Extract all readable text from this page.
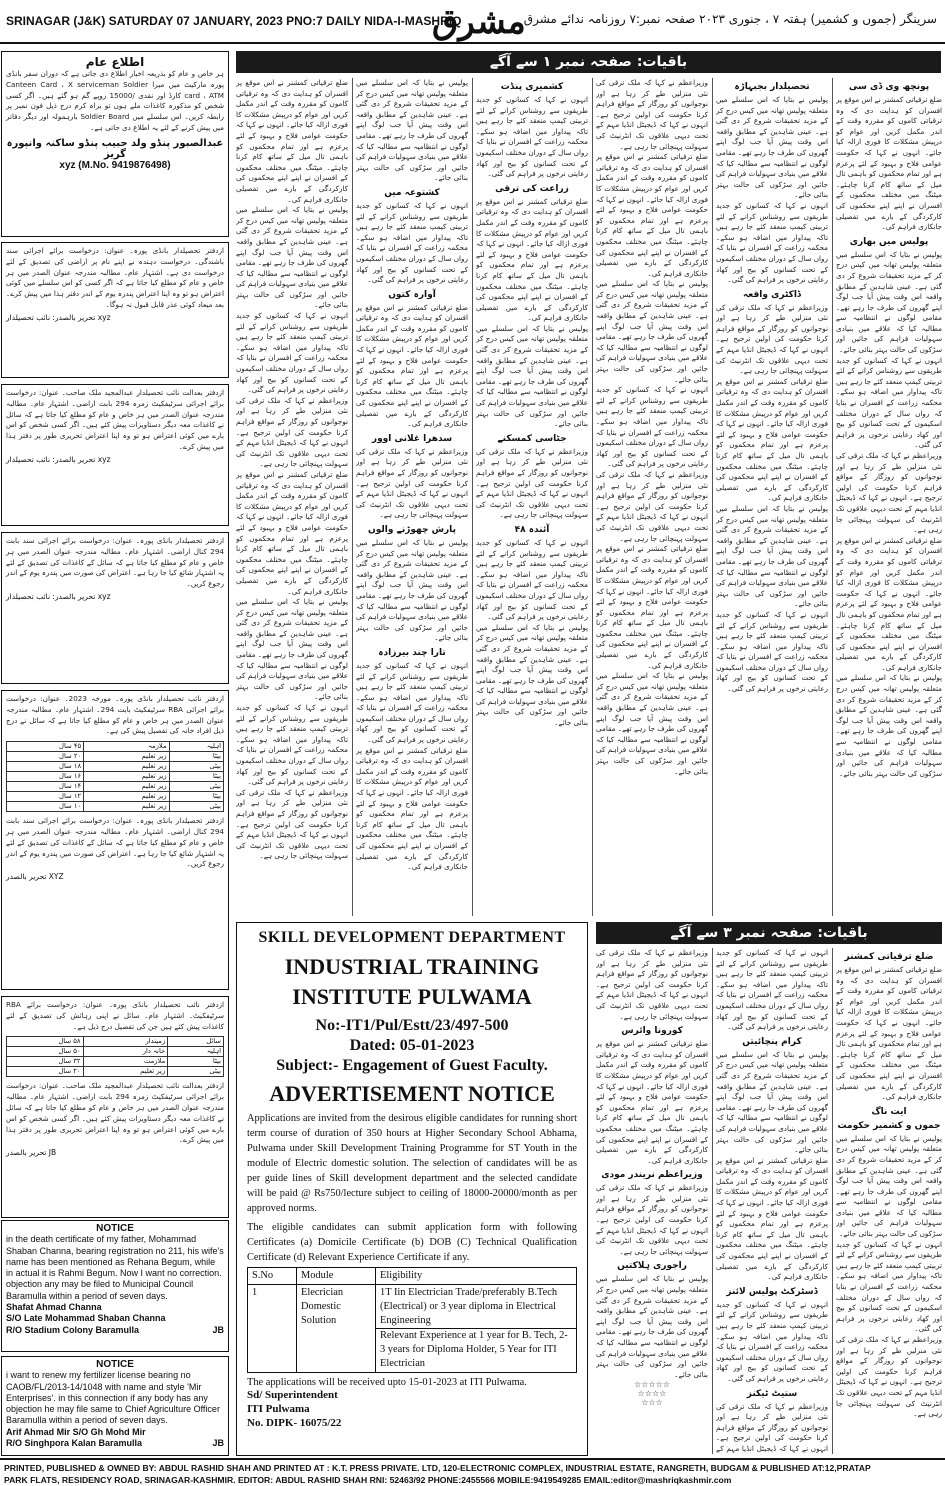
SRINAGAR (J&K) SATURDAY 07 JANUARY, 2023 PNO:7 DAILY NIDA-I-MASHRIQ
مشرق
سرینگر (جموں و کشمیر) ہفتہ ۷ ، جنوری ۲۰۲۳ صفحہ نمبر:۷ روزنامہ ندائے مشرق
باقیات: صفحہ نمبر ۱ سے آگے
اطلاع عام
ہر خاص و عام کو بذریعہ اخبار اطلاع دی جاتی ہے کہ دوران سفر بانڈی پورہ مارکیٹ میں میرا Canteen Card ، X serviceman Soldier card ، ATM کارڈ اور نقدی /15000 روپے گم ہو گئے ہیں۔ اگر کسی شخص کو مذکورہ کاغذات ملے ہوں تو براہ کرم درج ذیل فون نمبر پر رابطہ کریں۔ اس سلسلے میں Soldier Board بارہمولہ اور دیگر دفاتر میں پیش کرنے کے لئے یہ اطلاع دی جاتی ہے۔
عبدالصبور پنڈو ولد حبیب پنڈو ساکنہ وانپورہ گریز
xyz (M.No. 9419876498)
ازدفتر تحصیلدار بانڈی پورہ۔ عنوان: درخواست برائے اجرائی سند باشندگی۔ درخواست دہندہ نے اپنے نام پر اراضی کی تصدیق کے لئے درخواست دی ہے۔ اشتہار عام۔ مطالبہ مندرجہ عنوان الصدر میں ہر خاص و عام کو مطلع کیا جاتا ہے کہ اگر کسی کو اس سلسلے میں کوئی اعتراض ہو تو وہ اپنا اعتراض پندرہ یوم کے اندر دفتر ہذا میں پیش کرے۔ بعد میعاد کوئی عذر قابل قبول نہ ہوگا۔
xyz تحریر بالصدر: نائب تحصیلدار
ازدفتر بعدالت نائب تحصیلدار عبدالمجید ملک صاحب۔ عنوان: درخواست برائے اجرائی سرٹیفکیٹ زمرہ 294 بابت اراضی۔ اشتہار عام۔ مطالبہ مندرجہ عنوان الصدر میں ہر خاص و عام کو مطلع کیا جاتا ہے کہ سائل نے کاغذات معہ دیگر دستاویزات پیش کئے ہیں۔ اگر کسی شخص کو اس بارے میں کوئی اعتراض ہو تو وہ اپنا اعتراض تحریری طور پر دفتر ہذا میں پیش کرے۔
xyz تحریر بالصدر: نائب تحصیلدار
ازدفتر تحصیلدار بانڈی پورہ۔ عنوان: درخواست برائے اجرائی سند بابت 294 کنال اراضی۔ اشتہار عام۔ مطالبہ مندرجہ عنوان الصدر میں ہر خاص و عام کو مطلع کیا جاتا ہے کہ سائل کے کاغذات کی تصدیق کے لئے یہ اشتہار شائع کیا جا رہا ہے۔ اعتراض کی صورت میں پندرہ یوم کے اندر رجوع کریں۔
xyz تحریر بالصدر: نائب تحصیلدار
ازدفتر نائب تحصیلدار بانڈی پورہ۔ مورخہ 2023۔ عنوان: درخواست برائے اجرائی RBA سرٹیفکیٹ بابت 294۔ اشتہار عام۔ مطالبہ مندرجہ عنوان الصدر میں ہر خاص و عام کو مطلع کیا جاتا ہے کہ سائل نے درج ذیل افراد خانہ کی تفصیل پیش کی ہے۔
اہلیہ	ملازمہ	۴۵ سال
بیٹا	زیر تعلیم	۲۰ سال
بیٹی	زیر تعلیم	۱۸ سال
بیٹا	زیر تعلیم	۱۶ سال
بیٹی	زیر تعلیم	۱۴ سال
بیٹا	زیر تعلیم	۱۲ سال
بیٹی	زیر تعلیم	۱۰ سال
ازدفتر تحصیلدار بانڈی پورہ۔ عنوان: درخواست برائے اجرائی سند بابت 294 کنال اراضی۔ اشتہار عام۔ مطالبہ مندرجہ عنوان الصدر میں ہر خاص و عام کو مطلع کیا جاتا ہے کہ سائل کے کاغذات کی تصدیق کے لئے یہ اشتہار شائع کیا جا رہا ہے۔ اعتراض کی صورت میں پندرہ یوم کے اندر رجوع کریں۔
XYZ تحریر بالصدر
ازدفتر نائب تحصیلدار بانڈی پورہ۔ عنوان: درخواست برائے RBA سرٹیفکیٹ۔ اشتہار عام۔ سائل نے اپنی رہائش کی تصدیق کے لئے کاغذات پیش کئے ہیں جن کی تفصیل درج ذیل ہے۔
سائل	زمیندار	۵۸ سال
اہلیہ	خانہ دار	۵۰ سال
بیٹا	ملازمت	۳۲ سال
بیٹی	زیر تعلیم	۲۰ سال
ازدفتر بعدالت نائب تحصیلدار عبدالمجید ملک صاحب۔ عنوان: درخواست برائے اجرائی سرٹیفکیٹ زمرہ 294 بابت اراضی۔ اشتہار عام۔ مطالبہ مندرجہ عنوان الصدر میں ہر خاص و عام کو مطلع کیا جاتا ہے کہ سائل نے کاغذات معہ دیگر دستاویزات پیش کئے ہیں۔ اگر کسی شخص کو اس بارے میں کوئی اعتراض ہو تو وہ اپنا اعتراض تحریری طور پر دفتر ہذا میں پیش کرے۔
JB تحریر بالصدر
NOTICE
in the death certificate of my father, Mohammad Shaban Channa, bearing registration no 211, his wife's name has been mentioned as Rehana Begum, while in actual it is Rahmi Begum. Now I want no correction. objection any may be filed to Municipal Council Baramulla within a period of seven days.
Shafat Ahmad Channa
S/O Late Mohammad Shaban Channa
R/O Stadium Colony Baramulla	JB
NOTICE
i want to renew my fertilizer license bearing no CAOB/FL/2013-14/1048 with name and style 'Mir Enterprises'. in this connection if any body has any objection he may file same to Chief Agriculture Officer Baramulla within a period of seven days.
Arif Ahmad Mir S/O Gh Mohd Mir
R/O Singhpora Kalan Baramulla	JB
ضلع ترقیاتی کمشنر نے اس موقع پر افسران کو ہدایت دی کہ وہ ترقیاتی کاموں کو مقررہ وقت کے اندر مکمل کریں اور عوام کو درپیش مشکلات کا فوری ازالہ کیا جائے۔ انہوں نے کہا کہ حکومت عوامی فلاح و بہبود کے لئے پرعزم ہے اور تمام محکموں کو باہمی تال میل کے ساتھ کام کرنا چاہئے۔ میٹنگ میں مختلف محکموں کے افسران نے اپنے اپنے محکموں کی کارکردگی کے بارے میں تفصیلی جانکاری فراہم کی۔
پولیس نے بتایا کہ اس سلسلے میں متعلقہ پولیس تھانہ میں کیس درج کر کے مزید تحقیقات شروع کر دی گئی ہے۔ عینی شاہدین کے مطابق واقعہ اس وقت پیش آیا جب لوگ اپنے گھروں کی طرف جا رہے تھے۔ مقامی لوگوں نے انتظامیہ سے مطالبہ کیا کہ علاقے میں بنیادی سہولیات فراہم کی جائیں اور سڑکوں کی حالت بہتر بنائی جائے۔
انہوں نے کہا کہ کسانوں کو جدید طریقوں سے روشناس کرانے کے لئے تربیتی کیمپ منعقد کئے جا رہے ہیں تاکہ پیداوار میں اضافہ ہو سکے۔ محکمہ زراعت کے افسران نے بتایا کہ رواں سال کے دوران مختلف اسکیموں کے تحت کسانوں کو بیج اور کھاد رعایتی نرخوں پر فراہم کی گئی۔
وزیراعظم نے کہا کہ ملک ترقی کی نئی منزلیں طے کر رہا ہے اور نوجوانوں کو روزگار کے مواقع فراہم کرنا حکومت کی اولین ترجیح ہے۔ انہوں نے کہا کہ ڈیجیٹل انڈیا مہم کے تحت دیہی علاقوں تک انٹرنیٹ کی سہولت پہنچائی جا رہی ہے۔
ضلع ترقیاتی کمشنر نے اس موقع پر افسران کو ہدایت دی کہ وہ ترقیاتی کاموں کو مقررہ وقت کے اندر مکمل کریں اور عوام کو درپیش مشکلات کا فوری ازالہ کیا جائے۔ انہوں نے کہا کہ حکومت عوامی فلاح و بہبود کے لئے پرعزم ہے اور تمام محکموں کو باہمی تال میل کے ساتھ کام کرنا چاہئے۔ میٹنگ میں مختلف محکموں کے افسران نے اپنے اپنے محکموں کی کارکردگی کے بارے میں تفصیلی جانکاری فراہم کی۔
پولیس نے بتایا کہ اس سلسلے میں متعلقہ پولیس تھانہ میں کیس درج کر کے مزید تحقیقات شروع کر دی گئی ہے۔ عینی شاہدین کے مطابق واقعہ اس وقت پیش آیا جب لوگ اپنے گھروں کی طرف جا رہے تھے۔ مقامی لوگوں نے انتظامیہ سے مطالبہ کیا کہ علاقے میں بنیادی سہولیات فراہم کی جائیں اور سڑکوں کی حالت بہتر بنائی جائے۔
انہوں نے کہا کہ کسانوں کو جدید طریقوں سے روشناس کرانے کے لئے تربیتی کیمپ منعقد کئے جا رہے ہیں تاکہ پیداوار میں اضافہ ہو سکے۔ محکمہ زراعت کے افسران نے بتایا کہ رواں سال کے دوران مختلف اسکیموں کے تحت کسانوں کو بیج اور کھاد رعایتی نرخوں پر فراہم کی گئی۔
وزیراعظم نے کہا کہ ملک ترقی کی نئی منزلیں طے کر رہا ہے اور نوجوانوں کو روزگار کے مواقع فراہم کرنا حکومت کی اولین ترجیح ہے۔ انہوں نے کہا کہ ڈیجیٹل انڈیا مہم کے تحت دیہی علاقوں تک انٹرنیٹ کی سہولت پہنچائی جا رہی ہے۔
پولیس نے بتایا کہ اس سلسلے میں متعلقہ پولیس تھانہ میں کیس درج کر کے مزید تحقیقات شروع کر دی گئی ہے۔ عینی شاہدین کے مطابق واقعہ اس وقت پیش آیا جب لوگ اپنے گھروں کی طرف جا رہے تھے۔ مقامی لوگوں نے انتظامیہ سے مطالبہ کیا کہ علاقے میں بنیادی سہولیات فراہم کی جائیں اور سڑکوں کی حالت بہتر بنائی جائے۔
کشتوعہ میں
انہوں نے کہا کہ کسانوں کو جدید طریقوں سے روشناس کرانے کے لئے تربیتی کیمپ منعقد کئے جا رہے ہیں تاکہ پیداوار میں اضافہ ہو سکے۔ محکمہ زراعت کے افسران نے بتایا کہ رواں سال کے دوران مختلف اسکیموں کے تحت کسانوں کو بیج اور کھاد رعایتی نرخوں پر فراہم کی گئی۔
آوارہ کتوں
ضلع ترقیاتی کمشنر نے اس موقع پر افسران کو ہدایت دی کہ وہ ترقیاتی کاموں کو مقررہ وقت کے اندر مکمل کریں اور عوام کو درپیش مشکلات کا فوری ازالہ کیا جائے۔ انہوں نے کہا کہ حکومت عوامی فلاح و بہبود کے لئے پرعزم ہے اور تمام محکموں کو باہمی تال میل کے ساتھ کام کرنا چاہئے۔ میٹنگ میں مختلف محکموں کے افسران نے اپنے اپنے محکموں کی کارکردگی کے بارے میں تفصیلی جانکاری فراہم کی۔
سدھرا غلانی اوور
وزیراعظم نے کہا کہ ملک ترقی کی نئی منزلیں طے کر رہا ہے اور نوجوانوں کو روزگار کے مواقع فراہم کرنا حکومت کی اولین ترجیح ہے۔ انہوں نے کہا کہ ڈیجیٹل انڈیا مہم کے تحت دیہی علاقوں تک انٹرنیٹ کی سہولت پہنچائی جا رہی ہے۔
پارش چھوڑنے والوں
پولیس نے بتایا کہ اس سلسلے میں متعلقہ پولیس تھانہ میں کیس درج کر کے مزید تحقیقات شروع کر دی گئی ہے۔ عینی شاہدین کے مطابق واقعہ اس وقت پیش آیا جب لوگ اپنے گھروں کی طرف جا رہے تھے۔ مقامی لوگوں نے انتظامیہ سے مطالبہ کیا کہ علاقے میں بنیادی سہولیات فراہم کی جائیں اور سڑکوں کی حالت بہتر بنائی جائے۔
تارا چند بیرزادہ
انہوں نے کہا کہ کسانوں کو جدید طریقوں سے روشناس کرانے کے لئے تربیتی کیمپ منعقد کئے جا رہے ہیں تاکہ پیداوار میں اضافہ ہو سکے۔ محکمہ زراعت کے افسران نے بتایا کہ رواں سال کے دوران مختلف اسکیموں کے تحت کسانوں کو بیج اور کھاد رعایتی نرخوں پر فراہم کی گئی۔
ضلع ترقیاتی کمشنر نے اس موقع پر افسران کو ہدایت دی کہ وہ ترقیاتی کاموں کو مقررہ وقت کے اندر مکمل کریں اور عوام کو درپیش مشکلات کا فوری ازالہ کیا جائے۔ انہوں نے کہا کہ حکومت عوامی فلاح و بہبود کے لئے پرعزم ہے اور تمام محکموں کو باہمی تال میل کے ساتھ کام کرنا چاہئے۔ میٹنگ میں مختلف محکموں کے افسران نے اپنے اپنے محکموں کی کارکردگی کے بارے میں تفصیلی جانکاری فراہم کی۔
کشمیری پنڈت
انہوں نے کہا کہ کسانوں کو جدید طریقوں سے روشناس کرانے کے لئے تربیتی کیمپ منعقد کئے جا رہے ہیں تاکہ پیداوار میں اضافہ ہو سکے۔ محکمہ زراعت کے افسران نے بتایا کہ رواں سال کے دوران مختلف اسکیموں کے تحت کسانوں کو بیج اور کھاد رعایتی نرخوں پر فراہم کی گئی۔
زراعت کی ترقی
ضلع ترقیاتی کمشنر نے اس موقع پر افسران کو ہدایت دی کہ وہ ترقیاتی کاموں کو مقررہ وقت کے اندر مکمل کریں اور عوام کو درپیش مشکلات کا فوری ازالہ کیا جائے۔ انہوں نے کہا کہ حکومت عوامی فلاح و بہبود کے لئے پرعزم ہے اور تمام محکموں کو باہمی تال میل کے ساتھ کام کرنا چاہئے۔ میٹنگ میں مختلف محکموں کے افسران نے اپنے اپنے محکموں کی کارکردگی کے بارے میں تفصیلی جانکاری فراہم کی۔
پولیس نے بتایا کہ اس سلسلے میں متعلقہ پولیس تھانہ میں کیس درج کر کے مزید تحقیقات شروع کر دی گئی ہے۔ عینی شاہدین کے مطابق واقعہ اس وقت پیش آیا جب لوگ اپنے گھروں کی طرف جا رہے تھے۔ مقامی لوگوں نے انتظامیہ سے مطالبہ کیا کہ علاقے میں بنیادی سہولیات فراہم کی جائیں اور سڑکوں کی حالت بہتر بنائی جائے۔
جٹاسی کمسکنے
وزیراعظم نے کہا کہ ملک ترقی کی نئی منزلیں طے کر رہا ہے اور نوجوانوں کو روزگار کے مواقع فراہم کرنا حکومت کی اولین ترجیح ہے۔ انہوں نے کہا کہ ڈیجیٹل انڈیا مہم کے تحت دیہی علاقوں تک انٹرنیٹ کی سہولت پہنچائی جا رہی ہے۔
آئندہ ۴۸
انہوں نے کہا کہ کسانوں کو جدید طریقوں سے روشناس کرانے کے لئے تربیتی کیمپ منعقد کئے جا رہے ہیں تاکہ پیداوار میں اضافہ ہو سکے۔ محکمہ زراعت کے افسران نے بتایا کہ رواں سال کے دوران مختلف اسکیموں کے تحت کسانوں کو بیج اور کھاد رعایتی نرخوں پر فراہم کی گئی۔
پولیس نے بتایا کہ اس سلسلے میں متعلقہ پولیس تھانہ میں کیس درج کر کے مزید تحقیقات شروع کر دی گئی ہے۔ عینی شاہدین کے مطابق واقعہ اس وقت پیش آیا جب لوگ اپنے گھروں کی طرف جا رہے تھے۔ مقامی لوگوں نے انتظامیہ سے مطالبہ کیا کہ علاقے میں بنیادی سہولیات فراہم کی جائیں اور سڑکوں کی حالت بہتر بنائی جائے۔
وزیراعظم نے کہا کہ ملک ترقی کی نئی منزلیں طے کر رہا ہے اور نوجوانوں کو روزگار کے مواقع فراہم کرنا حکومت کی اولین ترجیح ہے۔ انہوں نے کہا کہ ڈیجیٹل انڈیا مہم کے تحت دیہی علاقوں تک انٹرنیٹ کی سہولت پہنچائی جا رہی ہے۔
ضلع ترقیاتی کمشنر نے اس موقع پر افسران کو ہدایت دی کہ وہ ترقیاتی کاموں کو مقررہ وقت کے اندر مکمل کریں اور عوام کو درپیش مشکلات کا فوری ازالہ کیا جائے۔ انہوں نے کہا کہ حکومت عوامی فلاح و بہبود کے لئے پرعزم ہے اور تمام محکموں کو باہمی تال میل کے ساتھ کام کرنا چاہئے۔ میٹنگ میں مختلف محکموں کے افسران نے اپنے اپنے محکموں کی کارکردگی کے بارے میں تفصیلی جانکاری فراہم کی۔
پولیس نے بتایا کہ اس سلسلے میں متعلقہ پولیس تھانہ میں کیس درج کر کے مزید تحقیقات شروع کر دی گئی ہے۔ عینی شاہدین کے مطابق واقعہ اس وقت پیش آیا جب لوگ اپنے گھروں کی طرف جا رہے تھے۔ مقامی لوگوں نے انتظامیہ سے مطالبہ کیا کہ علاقے میں بنیادی سہولیات فراہم کی جائیں اور سڑکوں کی حالت بہتر بنائی جائے۔
انہوں نے کہا کہ کسانوں کو جدید طریقوں سے روشناس کرانے کے لئے تربیتی کیمپ منعقد کئے جا رہے ہیں تاکہ پیداوار میں اضافہ ہو سکے۔ محکمہ زراعت کے افسران نے بتایا کہ رواں سال کے دوران مختلف اسکیموں کے تحت کسانوں کو بیج اور کھاد رعایتی نرخوں پر فراہم کی گئی۔
وزیراعظم نے کہا کہ ملک ترقی کی نئی منزلیں طے کر رہا ہے اور نوجوانوں کو روزگار کے مواقع فراہم کرنا حکومت کی اولین ترجیح ہے۔ انہوں نے کہا کہ ڈیجیٹل انڈیا مہم کے تحت دیہی علاقوں تک انٹرنیٹ کی سہولت پہنچائی جا رہی ہے۔
ضلع ترقیاتی کمشنر نے اس موقع پر افسران کو ہدایت دی کہ وہ ترقیاتی کاموں کو مقررہ وقت کے اندر مکمل کریں اور عوام کو درپیش مشکلات کا فوری ازالہ کیا جائے۔ انہوں نے کہا کہ حکومت عوامی فلاح و بہبود کے لئے پرعزم ہے اور تمام محکموں کو باہمی تال میل کے ساتھ کام کرنا چاہئے۔ میٹنگ میں مختلف محکموں کے افسران نے اپنے اپنے محکموں کی کارکردگی کے بارے میں تفصیلی جانکاری فراہم کی۔
پولیس نے بتایا کہ اس سلسلے میں متعلقہ پولیس تھانہ میں کیس درج کر کے مزید تحقیقات شروع کر دی گئی ہے۔ عینی شاہدین کے مطابق واقعہ اس وقت پیش آیا جب لوگ اپنے گھروں کی طرف جا رہے تھے۔ مقامی لوگوں نے انتظامیہ سے مطالبہ کیا کہ علاقے میں بنیادی سہولیات فراہم کی جائیں اور سڑکوں کی حالت بہتر بنائی جائے۔
تحصیلدار بجبہاڑہ
پولیس نے بتایا کہ اس سلسلے میں متعلقہ پولیس تھانہ میں کیس درج کر کے مزید تحقیقات شروع کر دی گئی ہے۔ عینی شاہدین کے مطابق واقعہ اس وقت پیش آیا جب لوگ اپنے گھروں کی طرف جا رہے تھے۔ مقامی لوگوں نے انتظامیہ سے مطالبہ کیا کہ علاقے میں بنیادی سہولیات فراہم کی جائیں اور سڑکوں کی حالت بہتر بنائی جائے۔
انہوں نے کہا کہ کسانوں کو جدید طریقوں سے روشناس کرانے کے لئے تربیتی کیمپ منعقد کئے جا رہے ہیں تاکہ پیداوار میں اضافہ ہو سکے۔ محکمہ زراعت کے افسران نے بتایا کہ رواں سال کے دوران مختلف اسکیموں کے تحت کسانوں کو بیج اور کھاد رعایتی نرخوں پر فراہم کی گئی۔
ڈاکٹری واقعہ
وزیراعظم نے کہا کہ ملک ترقی کی نئی منزلیں طے کر رہا ہے اور نوجوانوں کو روزگار کے مواقع فراہم کرنا حکومت کی اولین ترجیح ہے۔ انہوں نے کہا کہ ڈیجیٹل انڈیا مہم کے تحت دیہی علاقوں تک انٹرنیٹ کی سہولت پہنچائی جا رہی ہے۔
ضلع ترقیاتی کمشنر نے اس موقع پر افسران کو ہدایت دی کہ وہ ترقیاتی کاموں کو مقررہ وقت کے اندر مکمل کریں اور عوام کو درپیش مشکلات کا فوری ازالہ کیا جائے۔ انہوں نے کہا کہ حکومت عوامی فلاح و بہبود کے لئے پرعزم ہے اور تمام محکموں کو باہمی تال میل کے ساتھ کام کرنا چاہئے۔ میٹنگ میں مختلف محکموں کے افسران نے اپنے اپنے محکموں کی کارکردگی کے بارے میں تفصیلی جانکاری فراہم کی۔
پولیس نے بتایا کہ اس سلسلے میں متعلقہ پولیس تھانہ میں کیس درج کر کے مزید تحقیقات شروع کر دی گئی ہے۔ عینی شاہدین کے مطابق واقعہ اس وقت پیش آیا جب لوگ اپنے گھروں کی طرف جا رہے تھے۔ مقامی لوگوں نے انتظامیہ سے مطالبہ کیا کہ علاقے میں بنیادی سہولیات فراہم کی جائیں اور سڑکوں کی حالت بہتر بنائی جائے۔
انہوں نے کہا کہ کسانوں کو جدید طریقوں سے روشناس کرانے کے لئے تربیتی کیمپ منعقد کئے جا رہے ہیں تاکہ پیداوار میں اضافہ ہو سکے۔ محکمہ زراعت کے افسران نے بتایا کہ رواں سال کے دوران مختلف اسکیموں کے تحت کسانوں کو بیج اور کھاد رعایتی نرخوں پر فراہم کی گئی۔
پونچھ وی ڈی سی
ضلع ترقیاتی کمشنر نے اس موقع پر افسران کو ہدایت دی کہ وہ ترقیاتی کاموں کو مقررہ وقت کے اندر مکمل کریں اور عوام کو درپیش مشکلات کا فوری ازالہ کیا جائے۔ انہوں نے کہا کہ حکومت عوامی فلاح و بہبود کے لئے پرعزم ہے اور تمام محکموں کو باہمی تال میل کے ساتھ کام کرنا چاہئے۔ میٹنگ میں مختلف محکموں کے افسران نے اپنے اپنے محکموں کی کارکردگی کے بارے میں تفصیلی جانکاری فراہم کی۔
پولیس میں بھاری
پولیس نے بتایا کہ اس سلسلے میں متعلقہ پولیس تھانہ میں کیس درج کر کے مزید تحقیقات شروع کر دی گئی ہے۔ عینی شاہدین کے مطابق واقعہ اس وقت پیش آیا جب لوگ اپنے گھروں کی طرف جا رہے تھے۔ مقامی لوگوں نے انتظامیہ سے مطالبہ کیا کہ علاقے میں بنیادی سہولیات فراہم کی جائیں اور سڑکوں کی حالت بہتر بنائی جائے۔
انہوں نے کہا کہ کسانوں کو جدید طریقوں سے روشناس کرانے کے لئے تربیتی کیمپ منعقد کئے جا رہے ہیں تاکہ پیداوار میں اضافہ ہو سکے۔ محکمہ زراعت کے افسران نے بتایا کہ رواں سال کے دوران مختلف اسکیموں کے تحت کسانوں کو بیج اور کھاد رعایتی نرخوں پر فراہم کی گئی۔
وزیراعظم نے کہا کہ ملک ترقی کی نئی منزلیں طے کر رہا ہے اور نوجوانوں کو روزگار کے مواقع فراہم کرنا حکومت کی اولین ترجیح ہے۔ انہوں نے کہا کہ ڈیجیٹل انڈیا مہم کے تحت دیہی علاقوں تک انٹرنیٹ کی سہولت پہنچائی جا رہی ہے۔
ضلع ترقیاتی کمشنر نے اس موقع پر افسران کو ہدایت دی کہ وہ ترقیاتی کاموں کو مقررہ وقت کے اندر مکمل کریں اور عوام کو درپیش مشکلات کا فوری ازالہ کیا جائے۔ انہوں نے کہا کہ حکومت عوامی فلاح و بہبود کے لئے پرعزم ہے اور تمام محکموں کو باہمی تال میل کے ساتھ کام کرنا چاہئے۔ میٹنگ میں مختلف محکموں کے افسران نے اپنے اپنے محکموں کی کارکردگی کے بارے میں تفصیلی جانکاری فراہم کی۔
پولیس نے بتایا کہ اس سلسلے میں متعلقہ پولیس تھانہ میں کیس درج کر کے مزید تحقیقات شروع کر دی گئی ہے۔ عینی شاہدین کے مطابق واقعہ اس وقت پیش آیا جب لوگ اپنے گھروں کی طرف جا رہے تھے۔ مقامی لوگوں نے انتظامیہ سے مطالبہ کیا کہ علاقے میں بنیادی سہولیات فراہم کی جائیں اور سڑکوں کی حالت بہتر بنائی جائے۔
SKILL DEVELOPMENT DEPARTMENT
INDUSTRIAL TRAINING
INSTITUTE PULWAMA
No:-IT1/Pul/Estt/23/497-500
Dated: 05-01-2023
Subject:- Engagement of Guest Faculty.
ADVERTISEMENT NOTICE

Applications are invited from the desirous eligible candidates for running short term course of duration of 350 hours at Higher Secondary School Abhama, Pulwama under Skill Development Training Programme for ST Youth in the module of Electric domestic solution. The selection of candidates will be as per guide lines of Skill development department and the selected candidate will be paid @ Rs750/lecture subject to ceiling of 18000-20000/month as per approved norms.

The eligible candidates can submit application form with following Certificates (a) Domicile Certificate (b) DOB (C) Technical Qualification Certificate (d) Relevant Experience Certificate if any.

S.No	Module	Eligibility
1	Elecrician Domestic Solution	1T Iin Electrician Trade/preferably B.Tech (Electrical) or 3 year diploma in Electrical Engineering
Relevant Experience at 1 year for B. Tech, 2-3 years for Diploma Holder, 5 Year for ITI Electrician
The applications will be received upto 15-01-2023 at ITI Pulwama.
Sd/ Superintendent
ITI Pulwama
No. DIPK- 16075/22
باقیات: صفحہ نمبر ۳ سے آگے
وزیراعظم نے کہا کہ ملک ترقی کی نئی منزلیں طے کر رہا ہے اور نوجوانوں کو روزگار کے مواقع فراہم کرنا حکومت کی اولین ترجیح ہے۔ انہوں نے کہا کہ ڈیجیٹل انڈیا مہم کے تحت دیہی علاقوں تک انٹرنیٹ کی سہولت پہنچائی جا رہی ہے۔
کورونا وائرس
ضلع ترقیاتی کمشنر نے اس موقع پر افسران کو ہدایت دی کہ وہ ترقیاتی کاموں کو مقررہ وقت کے اندر مکمل کریں اور عوام کو درپیش مشکلات کا فوری ازالہ کیا جائے۔ انہوں نے کہا کہ حکومت عوامی فلاح و بہبود کے لئے پرعزم ہے اور تمام محکموں کو باہمی تال میل کے ساتھ کام کرنا چاہئے۔ میٹنگ میں مختلف محکموں کے افسران نے اپنے اپنے محکموں کی کارکردگی کے بارے میں تفصیلی جانکاری فراہم کی۔
وزیراعظم نریندر مودی
وزیراعظم نے کہا کہ ملک ترقی کی نئی منزلیں طے کر رہا ہے اور نوجوانوں کو روزگار کے مواقع فراہم کرنا حکومت کی اولین ترجیح ہے۔ انہوں نے کہا کہ ڈیجیٹل انڈیا مہم کے تحت دیہی علاقوں تک انٹرنیٹ کی سہولت پہنچائی جا رہی ہے۔
راجوری ہلاکتیں
پولیس نے بتایا کہ اس سلسلے میں متعلقہ پولیس تھانہ میں کیس درج کر کے مزید تحقیقات شروع کر دی گئی ہے۔ عینی شاہدین کے مطابق واقعہ اس وقت پیش آیا جب لوگ اپنے گھروں کی طرف جا رہے تھے۔ مقامی لوگوں نے انتظامیہ سے مطالبہ کیا کہ علاقے میں بنیادی سہولیات فراہم کی جائیں اور سڑکوں کی حالت بہتر بنائی جائے۔
☆☆☆☆☆
☆☆☆☆
☆☆☆
انہوں نے کہا کہ کسانوں کو جدید طریقوں سے روشناس کرانے کے لئے تربیتی کیمپ منعقد کئے جا رہے ہیں تاکہ پیداوار میں اضافہ ہو سکے۔ محکمہ زراعت کے افسران نے بتایا کہ رواں سال کے دوران مختلف اسکیموں کے تحت کسانوں کو بیج اور کھاد رعایتی نرخوں پر فراہم کی گئی۔
کرام پنچائیتں
پولیس نے بتایا کہ اس سلسلے میں متعلقہ پولیس تھانہ میں کیس درج کر کے مزید تحقیقات شروع کر دی گئی ہے۔ عینی شاہدین کے مطابق واقعہ اس وقت پیش آیا جب لوگ اپنے گھروں کی طرف جا رہے تھے۔ مقامی لوگوں نے انتظامیہ سے مطالبہ کیا کہ علاقے میں بنیادی سہولیات فراہم کی جائیں اور سڑکوں کی حالت بہتر بنائی جائے۔
ضلع ترقیاتی کمشنر نے اس موقع پر افسران کو ہدایت دی کہ وہ ترقیاتی کاموں کو مقررہ وقت کے اندر مکمل کریں اور عوام کو درپیش مشکلات کا فوری ازالہ کیا جائے۔ انہوں نے کہا کہ حکومت عوامی فلاح و بہبود کے لئے پرعزم ہے اور تمام محکموں کو باہمی تال میل کے ساتھ کام کرنا چاہئے۔ میٹنگ میں مختلف محکموں کے افسران نے اپنے اپنے محکموں کی کارکردگی کے بارے میں تفصیلی جانکاری فراہم کی۔
ڈسٹرکٹ پولیس لائنز
انہوں نے کہا کہ کسانوں کو جدید طریقوں سے روشناس کرانے کے لئے تربیتی کیمپ منعقد کئے جا رہے ہیں تاکہ پیداوار میں اضافہ ہو سکے۔ محکمہ زراعت کے افسران نے بتایا کہ رواں سال کے دوران مختلف اسکیموں کے تحت کسانوں کو بیج اور کھاد رعایتی نرخوں پر فراہم کی گئی۔
ستیٹ ٹیکنز
وزیراعظم نے کہا کہ ملک ترقی کی نئی منزلیں طے کر رہا ہے اور نوجوانوں کو روزگار کے مواقع فراہم کرنا حکومت کی اولین ترجیح ہے۔ انہوں نے کہا کہ ڈیجیٹل انڈیا مہم کے
ضلع ترقیاتی کمشنر
ضلع ترقیاتی کمشنر نے اس موقع پر افسران کو ہدایت دی کہ وہ ترقیاتی کاموں کو مقررہ وقت کے اندر مکمل کریں اور عوام کو درپیش مشکلات کا فوری ازالہ کیا جائے۔ انہوں نے کہا کہ حکومت عوامی فلاح و بہبود کے لئے پرعزم ہے اور تمام محکموں کو باہمی تال میل کے ساتھ کام کرنا چاہئے۔ میٹنگ میں مختلف محکموں کے افسران نے اپنے اپنے محکموں کی کارکردگی کے بارے میں تفصیلی جانکاری فراہم کی۔
ایت ناگ
جموں و کشمیر حکومت
پولیس نے بتایا کہ اس سلسلے میں متعلقہ پولیس تھانہ میں کیس درج کر کے مزید تحقیقات شروع کر دی گئی ہے۔ عینی شاہدین کے مطابق واقعہ اس وقت پیش آیا جب لوگ اپنے گھروں کی طرف جا رہے تھے۔ مقامی لوگوں نے انتظامیہ سے مطالبہ کیا کہ علاقے میں بنیادی سہولیات فراہم کی جائیں اور سڑکوں کی حالت بہتر بنائی جائے۔
انہوں نے کہا کہ کسانوں کو جدید طریقوں سے روشناس کرانے کے لئے تربیتی کیمپ منعقد کئے جا رہے ہیں تاکہ پیداوار میں اضافہ ہو سکے۔ محکمہ زراعت کے افسران نے بتایا کہ رواں سال کے دوران مختلف اسکیموں کے تحت کسانوں کو بیج اور کھاد رعایتی نرخوں پر فراہم کی گئی۔
وزیراعظم نے کہا کہ ملک ترقی کی نئی منزلیں طے کر رہا ہے اور نوجوانوں کو روزگار کے مواقع فراہم کرنا حکومت کی اولین ترجیح ہے۔ انہوں نے کہا کہ ڈیجیٹل انڈیا مہم کے تحت دیہی علاقوں تک انٹرنیٹ کی سہولت پہنچائی جا رہی ہے۔
PRINTED, PUBLISHED & OWNED BY: ABDUL RASHID SHAH AND PRINTED AT : K.T. PRESS PRIVATE. LTD, 120-ELECTRONIC COMPLEX, INDUSTRIAL ESTATE, RANGRETH, BUDGAM & PUBLISHED AT:12,PRATAP
PARK FLATS, RESIDENCY ROAD, SRINAGAR-KASHMIR. EDITOR: ABDUL RASHID SHAH RNI: 52463/92 PHONE:2455566 MOBILE:9419549285 EMAIL:editor@mashriqkashmir.com
